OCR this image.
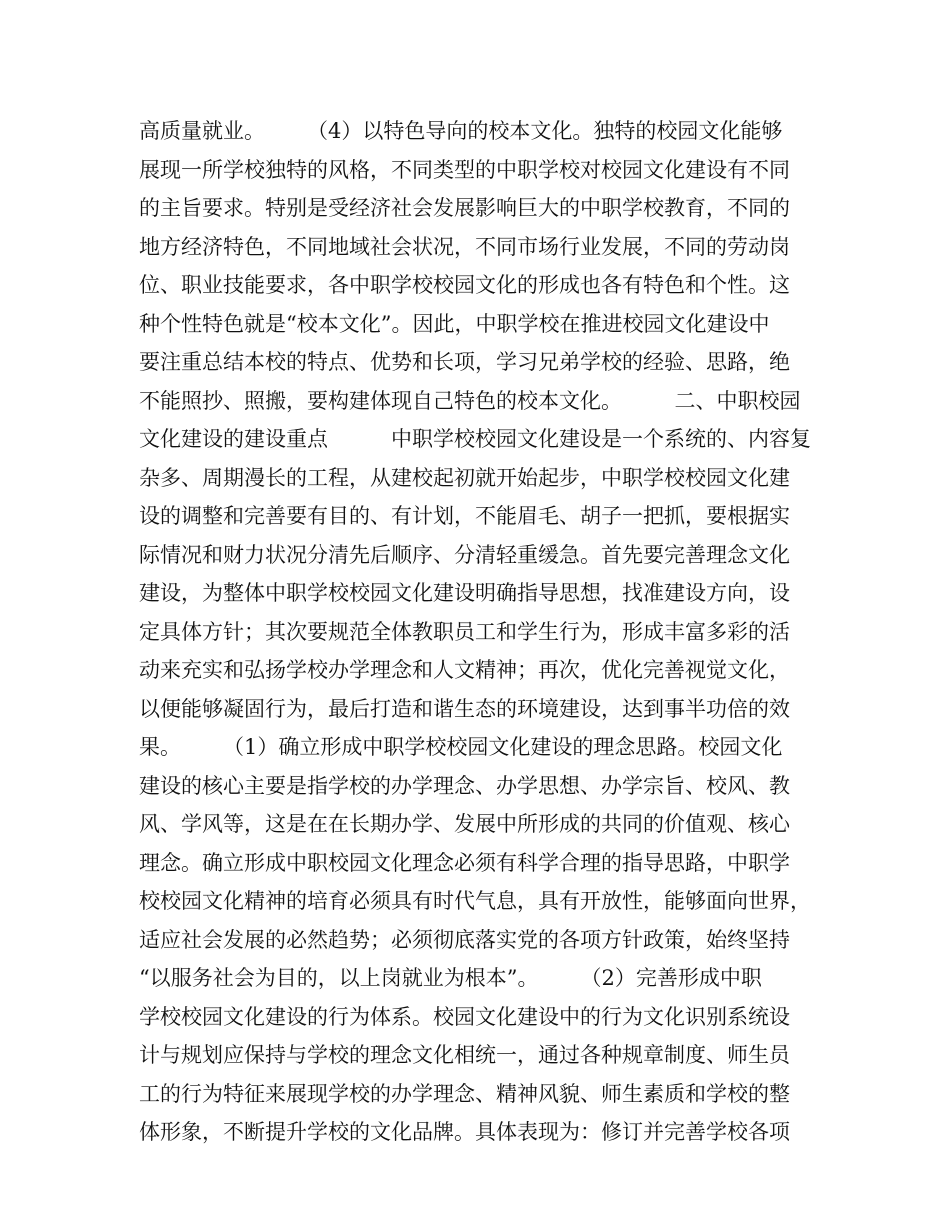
高质量就业。　　　（4）以特色导向的校本文化。独特的校园文化能够
展现一所学校独特的风格，不同类型的中职学校对校园文化建设有不同
的主旨要求。特别是受经济社会发展影响巨大的中职学校教育，不同的
地方经济特色，不同地域社会状况，不同市场行业发展，不同的劳动岗
位、职业技能要求，各中职学校校园文化的形成也各有特色和个性。这
种个性特色就是“校本文化”。因此，中职学校在推进校园文化建设中
要注重总结本校的特点、优势和长项，学习兄弟学校的经验、思路，绝
不能照抄、照搬，要构建体现自己特色的校本文化。　　　二、中职校园
文化建设的建设重点　　　中职学校校园文化建设是一个系统的、内容复
杂多、周期漫长的工程，从建校起初就开始起步，中职学校校园文化建
设的调整和完善要有目的、有计划，不能眉毛、胡子一把抓，要根据实
际情况和财力状况分清先后顺序、分清轻重缓急。首先要完善理念文化
建设，为整体中职学校校园文化建设明确指导思想，找准建设方向，设
定具体方针；其次要规范全体教职员工和学生行为，形成丰富多彩的活
动来充实和弘扬学校办学理念和人文精神；再次，优化完善视觉文化，
以便能够凝固行为，最后打造和谐生态的环境建设，达到事半功倍的效
果。　　　（1）确立形成中职学校校园文化建设的理念思路。校园文化
建设的核心主要是指学校的办学理念、办学思想、办学宗旨、校风、教
风、学风等，这是在在长期办学、发展中所形成的共同的价值观、核心
理念。确立形成中职校园文化理念必须有科学合理的指导思路，中职学
校校园文化精神的培育必须具有时代气息，具有开放性，能够面向世界，
适应社会发展的必然趋势；必须彻底落实党的各项方针政策，始终坚持
“以服务社会为目的，以上岗就业为根本”。　　　（2）完善形成中职
学校校园文化建设的行为体系。校园文化建设中的行为文化识别系统设
计与规划应保持与学校的理念文化相统一，通过各种规章制度、师生员
工的行为特征来展现学校的办学理念、精神风貌、师生素质和学校的整
体形象，不断提升学校的文化品牌。具体表现为：修订并完善学校各项
